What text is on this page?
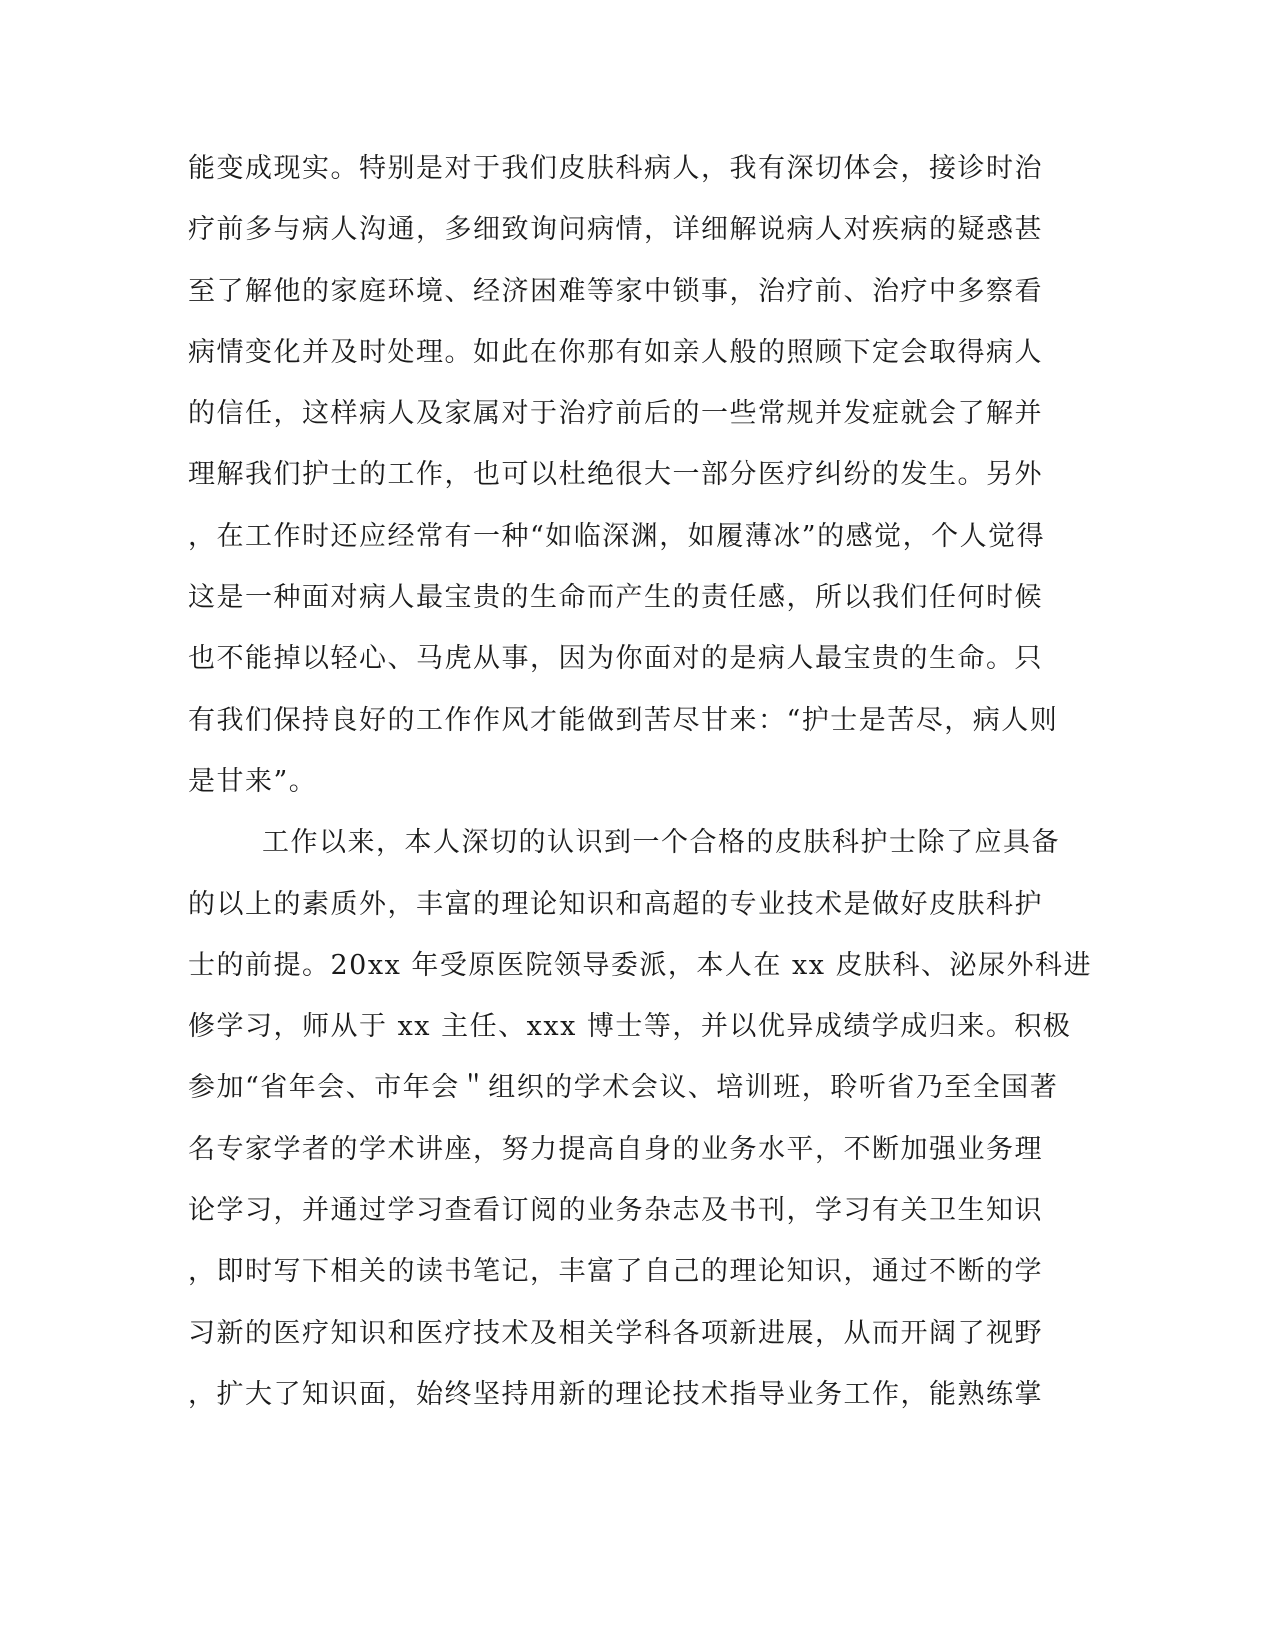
能变成现实。特别是对于我们皮肤科病人，我有深切体会，接诊时治
疗前多与病人沟通，多细致询问病情，详细解说病人对疾病的疑惑甚
至了解他的家庭环境、经济困难等家中锁事，治疗前、治疗中多察看
病情变化并及时处理。如此在你那有如亲人般的照顾下定会取得病人
的信任，这样病人及家属对于治疗前后的一些常规并发症就会了解并
理解我们护士的工作，也可以杜绝很大一部分医疗纠纷的发生。另外
，在工作时还应经常有一种“如临深渊，如履薄冰”的感觉，个人觉得
这是一种面对病人最宝贵的生命而产生的责任感，所以我们任何时候
也不能掉以轻心、马虎从事，因为你面对的是病人最宝贵的生命。只
有我们保持良好的工作作风才能做到苦尽甘来：“护士是苦尽，病人则
是甘来”。
工作以来，本人深切的认识到一个合格的皮肤科护士除了应具备
的以上的素质外，丰富的理论知识和高超的专业技术是做好皮肤科护
士的前提。20xx 年受原医院领导委派，本人在 xx 皮肤科、泌尿外科进
修学习，师从于 xx 主任、xxx 博士等，并以优异成绩学成归来。积极
参加“省年会、市年会＂组织的学术会议、培训班，聆听省乃至全国著
名专家学者的学术讲座，努力提高自身的业务水平，不断加强业务理
论学习，并通过学习查看订阅的业务杂志及书刊，学习有关卫生知识
，即时写下相关的读书笔记，丰富了自己的理论知识，通过不断的学
习新的医疗知识和医疗技术及相关学科各项新进展，从而开阔了视野
，扩大了知识面，始终坚持用新的理论技术指导业务工作，能熟练掌
